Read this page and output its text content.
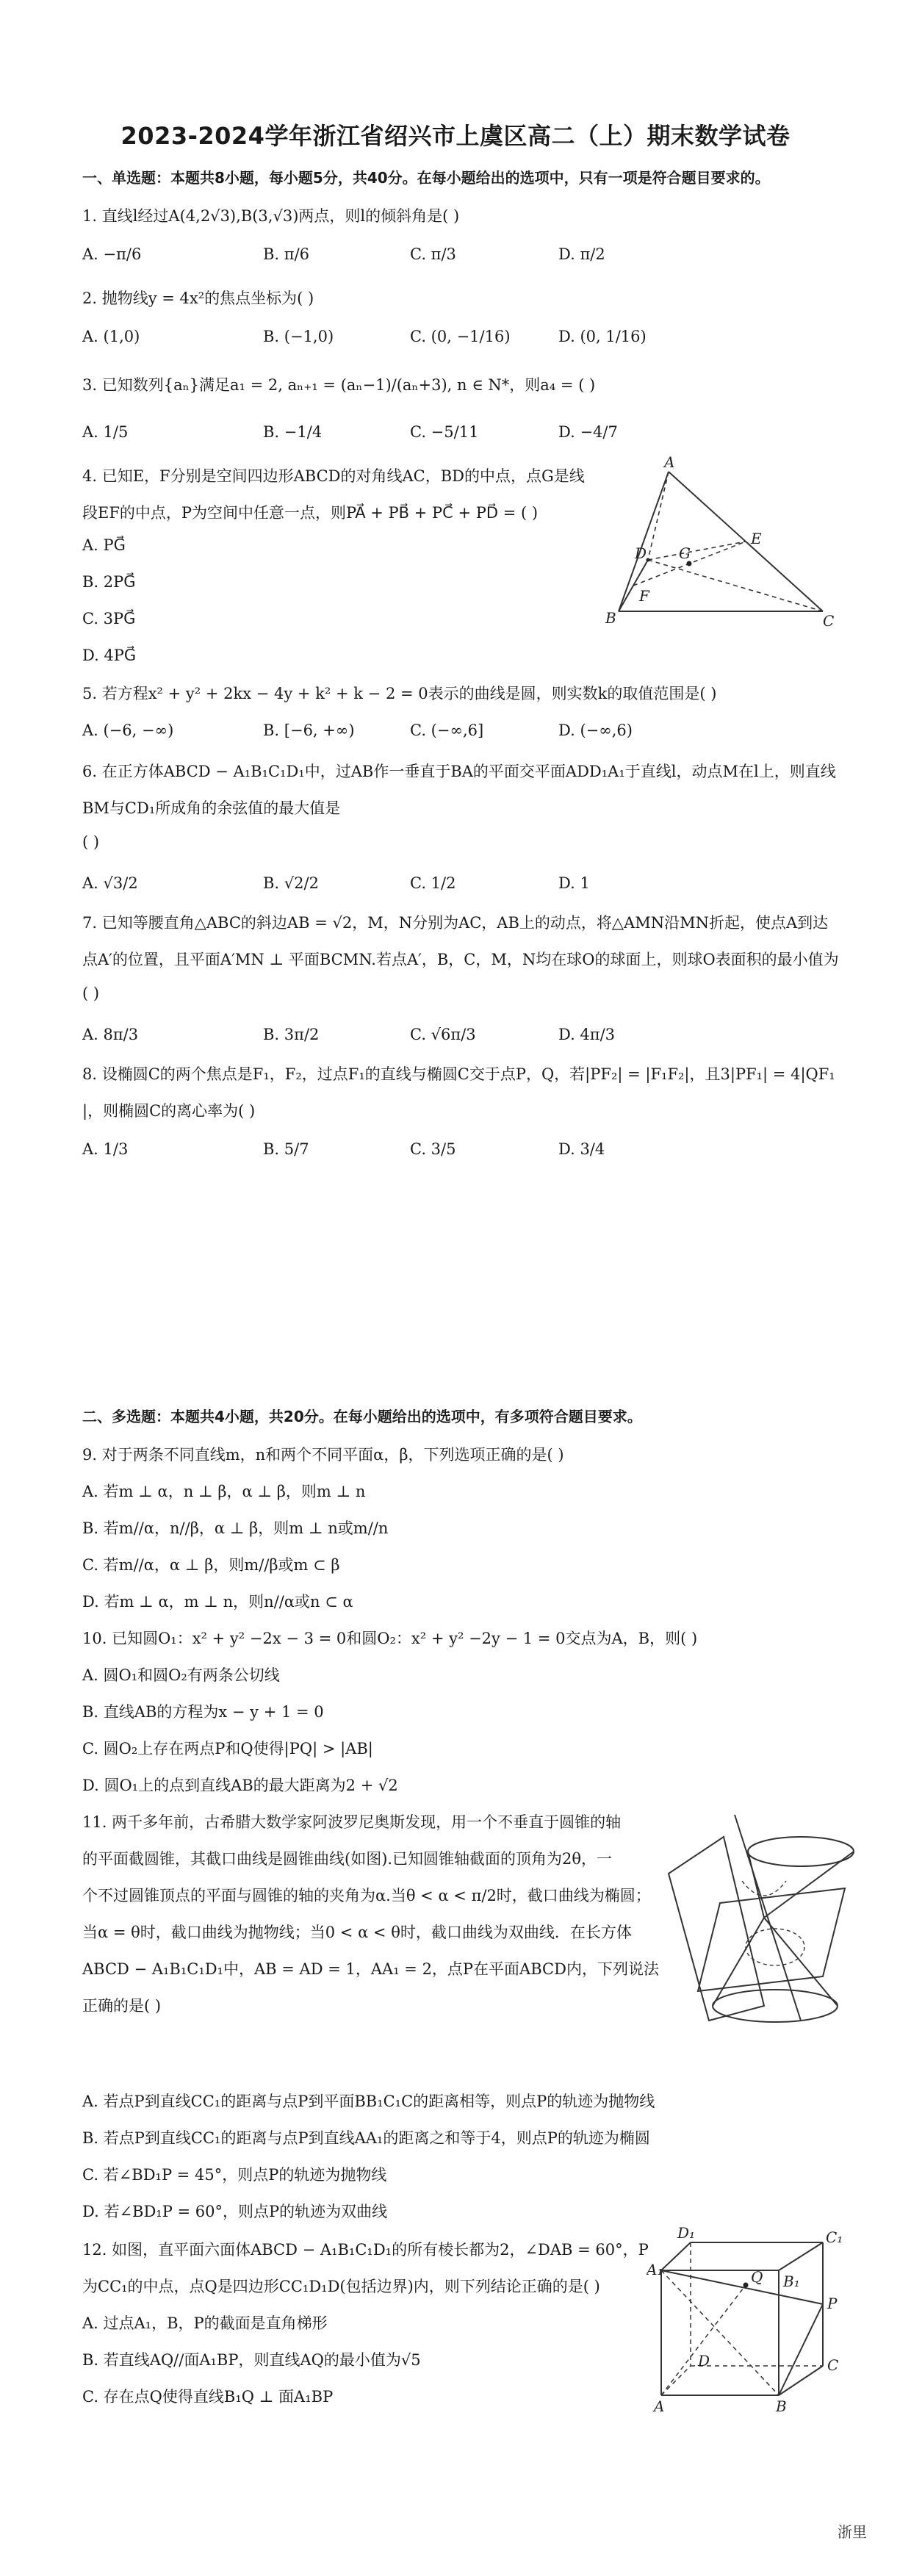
2023-2024学年浙江省绍兴市上虞区高二（上）期末数学试卷
一、单选题：本题共8小题，每小题5分，共40分。在每小题给出的选项中，只有一项是符合题目要求的。
1. 直线l经过A(4,2√3),B(3,√3)两点，则l的倾斜角是( )
A. −π/6	B. π/6	C. π/3	D. π/2
2. 抛物线y = 4x²的焦点坐标为( )
A. (1,0)	B. (−1,0)	C. (0, −1/16)	D. (0, 1/16)
3. 已知数列{aₙ}满足a₁ = 2, aₙ₊₁ = (aₙ−1)/(aₙ+3), n ∈ N*，则a₄ = ( )
A. 1/5	B. −1/4	C. −5/11	D. −4/7
4. 已知E，F分别是空间四边形ABCD的对角线AC，BD的中点，点G是线
段EF的中点，P为空间中任意一点，则PA⃗ + PB⃗ + PC⃗ + PD⃗ = ( )
A. PG⃗
B. 2PG⃗
C. 3PG⃗
D. 4PG⃗
A
B	C
D
E
F
G
5. 若方程x² + y² + 2kx − 4y + k² + k − 2 = 0表示的曲线是圆，则实数k的取值范围是( )
A. (−6, −∞)	B. [−6, +∞)	C. (−∞,6]	D. (−∞,6)
6. 在正方体ABCD − A₁B₁C₁D₁中，过AB作一垂直于BA的平面交平面ADD₁A₁于直线l，动点M在l上，则直线
BM与CD₁所成角的余弦值的最大值是
( )
A. √3/2	B. √2/2	C. 1/2	D. 1
7. 已知等腰直角△ABC的斜边AB = √2，M，N分别为AC，AB上的动点，将△AMN沿MN折起，使点A到达
点A′的位置，且平面A′MN ⊥ 平面BCMN.若点A′，B，C，M，N均在球O的球面上，则球O表面积的最小值为
( )
A. 8π/3	B. 3π/2	C. √6π/3	D. 4π/3
8. 设椭圆C的两个焦点是F₁，F₂，过点F₁的直线与椭圆C交于点P，Q，若|PF₂| = |F₁F₂|，且3|PF₁| = 4|QF₁
|，则椭圆C的离心率为( )
A. 1/3	B. 5/7	C. 3/5	D. 3/4
二、多选题：本题共4小题，共20分。在每小题给出的选项中，有多项符合题目要求。
9. 对于两条不同直线m，n和两个不同平面α，β，下列选项正确的是( )
A. 若m ⊥ α，n ⊥ β，α ⊥ β，则m ⊥ n
B. 若m//α，n//β，α ⊥ β，则m ⊥ n或m//n
C. 若m//α，α ⊥ β，则m//β或m ⊂ β
D. 若m ⊥ α，m ⊥ n，则n//α或n ⊂ α
10. 已知圆O₁：x² + y² −2x − 3 = 0和圆O₂：x² + y² −2y − 1 = 0交点为A，B，则( )
A. 圆O₁和圆O₂有两条公切线
B. 直线AB的方程为x − y + 1 = 0
C. 圆O₂上存在两点P和Q使得|PQ| > |AB|
D. 圆O₁上的点到直线AB的最大距离为2 + √2
11. 两千多年前，古希腊大数学家阿波罗尼奥斯发现，用一个不垂直于圆锥的轴
的平面截圆锥，其截口曲线是圆锥曲线(如图).已知圆锥轴截面的顶角为2θ，一
个不过圆锥顶点的平面与圆锥的轴的夹角为α.当θ < α < π/2时，截口曲线为椭圆；
当α = θ时，截口曲线为抛物线；当0 < α < θ时，截口曲线为双曲线．在长方体
ABCD − A₁B₁C₁D₁中，AB = AD = 1，AA₁ = 2，点P在平面ABCD内，下列说法
正确的是( )
A. 若点P到直线CC₁的距离与点P到平面BB₁C₁C的距离相等，则点P的轨迹为抛物线
B. 若点P到直线CC₁的距离与点P到直线AA₁的距离之和等于4，则点P的轨迹为椭圆
C. 若∠BD₁P = 45°，则点P的轨迹为抛物线
D. 若∠BD₁P = 60°，则点P的轨迹为双曲线
12. 如图，直平面六面体ABCD − A₁B₁C₁D₁的所有棱长都为2，∠DAB = 60°，P
为CC₁的中点，点Q是四边形CC₁D₁D(包括边界)内，则下列结论正确的是( )
A. 过点A₁，B，P的截面是直角梯形
B. 若直线AQ//面A₁BP，则直线AQ的最小值为√5
C. 存在点Q使得直线B₁Q ⊥ 面A₁BP
D₁	C₁
A₁
B₁
P
Q
D	C
A	B
浙里
